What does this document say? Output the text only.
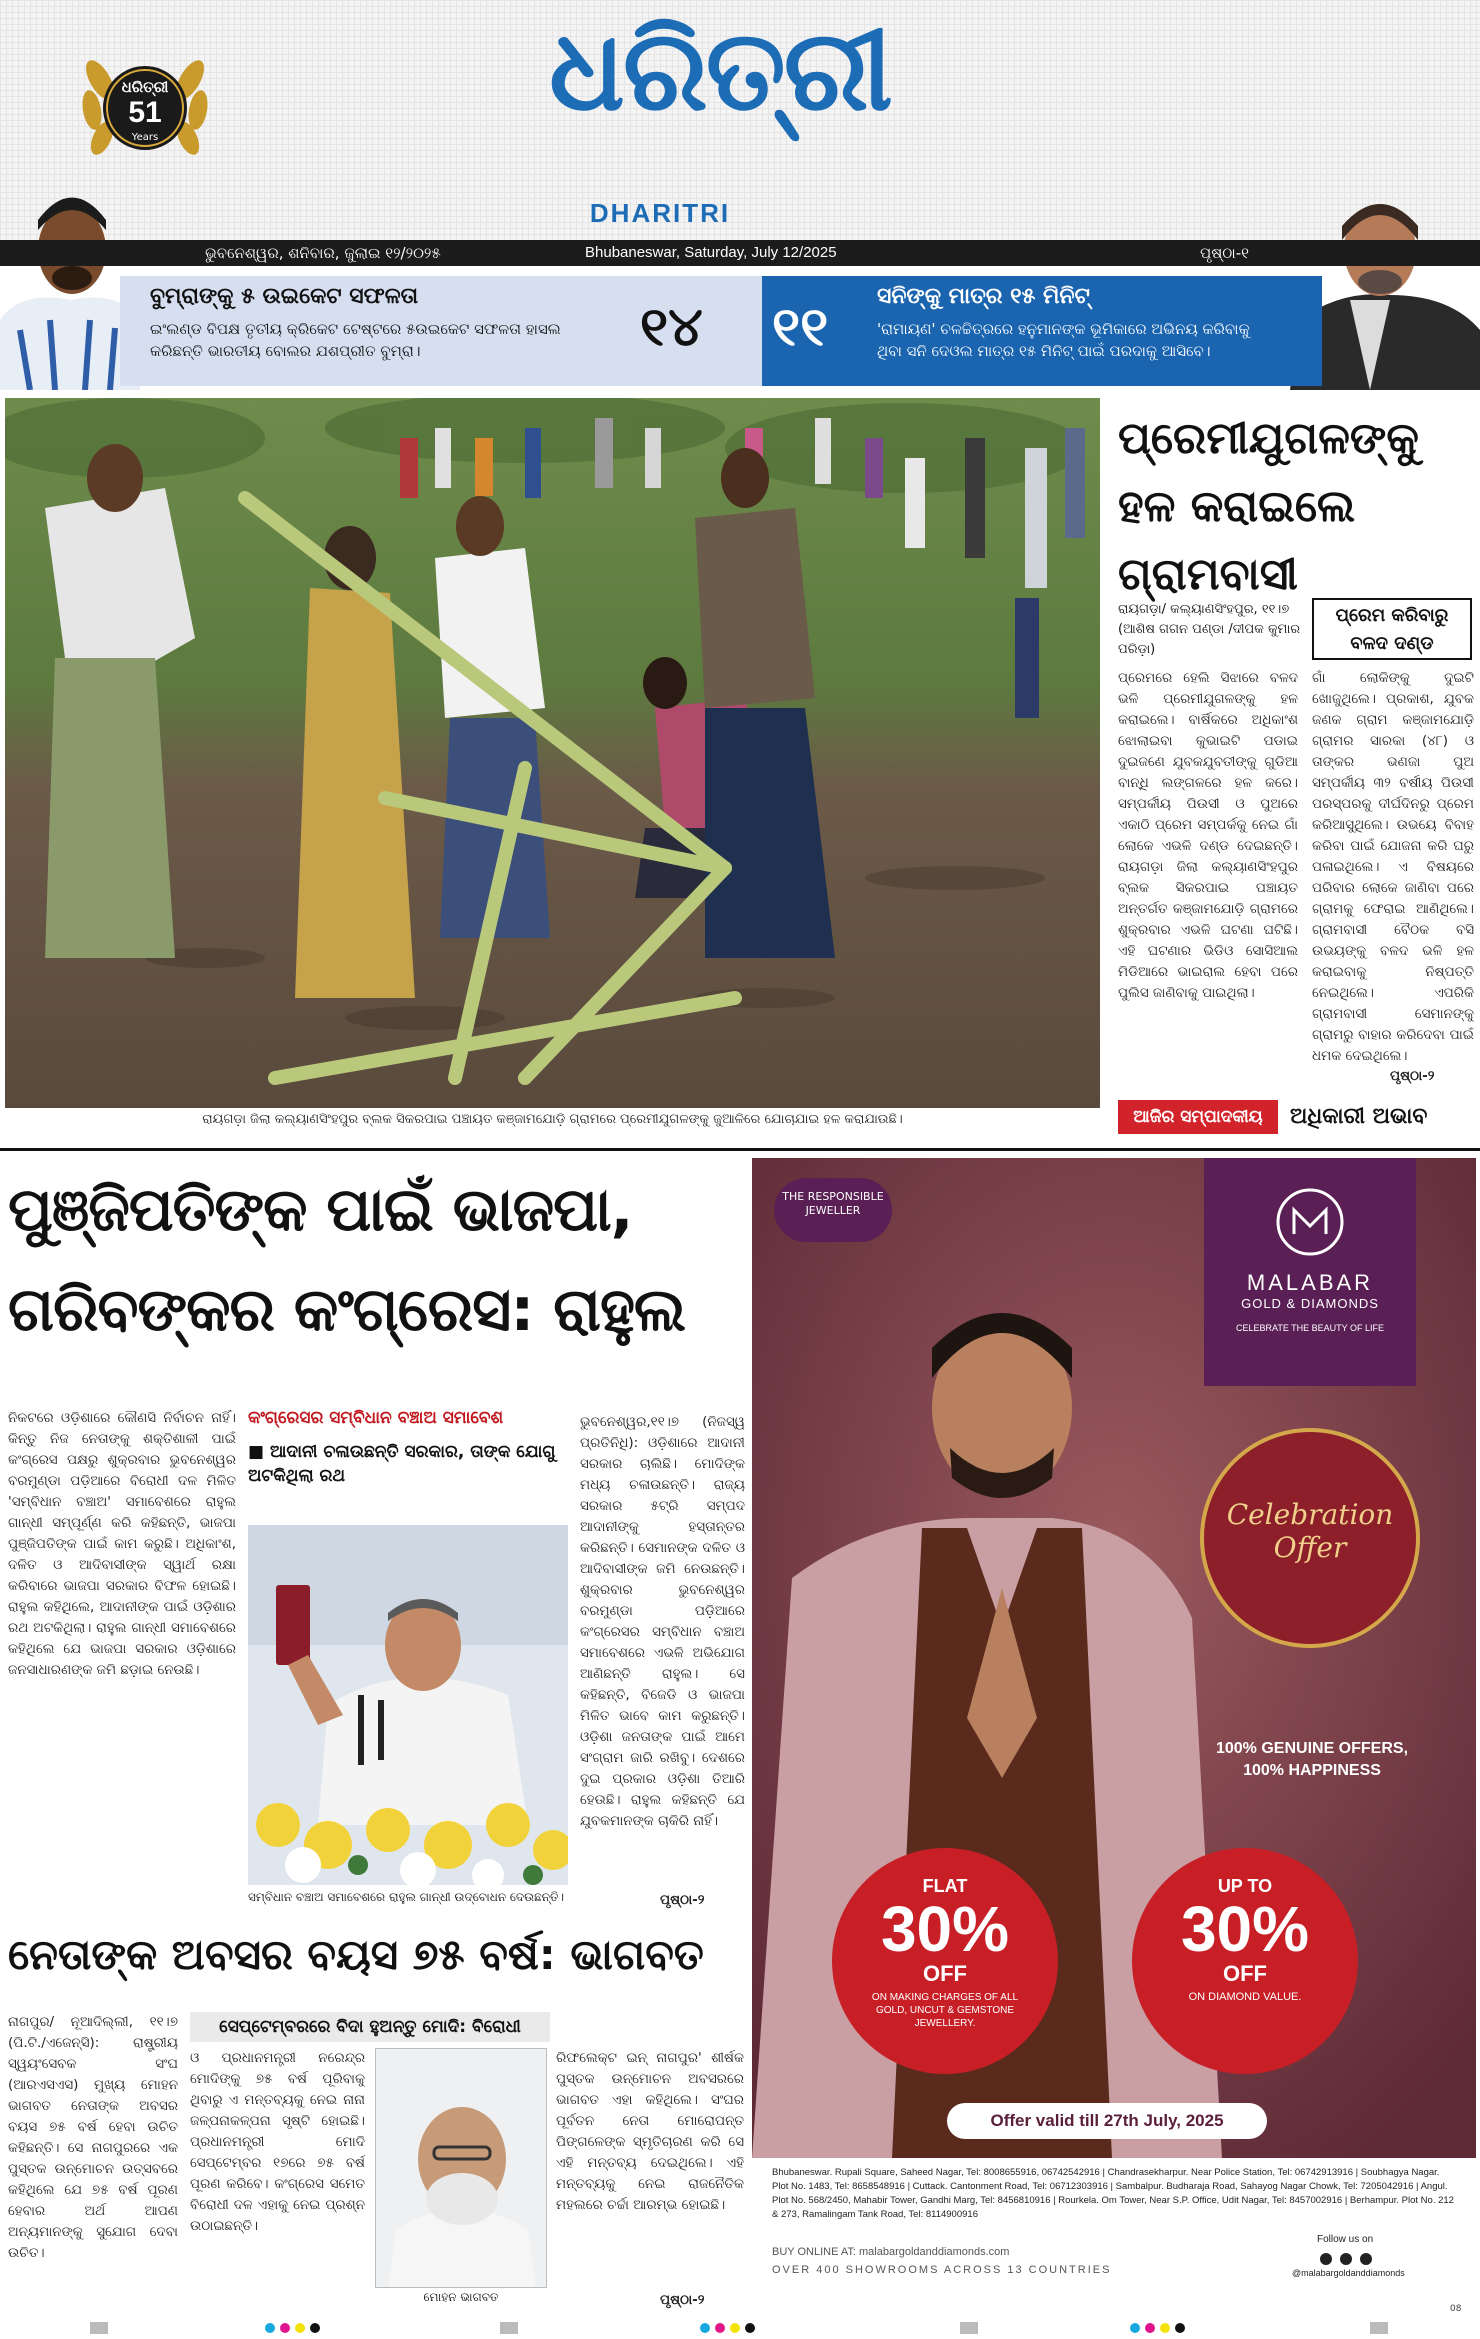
ଧରିତ୍ରୀ
51
Years
ଧରିତ୍ରୀ
DHARITRI
ଭୁବନେଶ୍ୱର, ଶନିବାର, ଜୁଲାଇ ୧୨/୨୦୨୫	Bhubaneswar, Saturday, July 12/2025	ପୃଷ୍ଠା-୧
ବୁମ୍ରାଙ୍କୁ ୫ ଉଇକେଟ ସଫଳତା
ଇଂଲଣ୍ଡ ବିପକ୍ଷ ତୃତୀୟ କ୍ରିକେଟ ଟେଷ୍ଟରେ ୫ଉଇକେଟ ସଫଳତା ହାସଲ କରିଛନ୍ତି ଭାରତୀୟ ବୋଲର ଯଶପ୍ରୀତ ବୁମ୍ରା।	୧୪ ୧୧ ସନିଙ୍କୁ ମାତ୍ର ୧୫ ମିନିଟ୍
'ରାମାୟଣ' ଚଳଚ୍ଚିତ୍ରରେ ହନୁମାନଙ୍କ ଭୂମିକାରେ ଅଭିନୟ କରିବାକୁ ଥିବା ସନି ଦେଓଲ ମାତ୍ର ୧୫ ମିନିଟ୍ ପାଇଁ ପରଦାକୁ ଆସିବେ।
ରାୟଗଡ଼ା ଜିଲା କଲ୍ୟାଣସିଂହପୁର ବ୍ଲକ ସିକରପାଇ ପଞ୍ଚାୟତ କଞ୍ଜାମଯୋଡ଼ି ଗ୍ରାମରେ ପ୍ରେମୀଯୁଗଳଙ୍କୁ ଜୁଆଳିରେ ଯୋଚାଯାଇ ହଳ କରାଯାଉଛି।
ପ୍ରେମୀଯୁଗଳଙ୍କୁ ହଳ କରାଇଲେ ଗ୍ରାମବାସୀ
ରାୟଗଡ଼ା/ କଲ୍ୟାଣସିଂହପୁର, ୧୧।୭ (ଆଶିଷ ଗଗନ ପଣ୍ଡା /ଦୀପକ କୁମାର ପରିଡ଼ା)
ପ୍ରେମ କରିବାରୁ ବଳଦ ଦଣ୍ଡ
ପ୍ରେମରେ ହେଲି ସିଝାରେ ବଳଦ ଭଳି ପ୍ରେମୀଯୁଗଳଙ୍କୁ ହଳ କରାଇଲେ। ବାର୍ଷିକରେ ଅଧିକାଂଶ ଝୋଲାଇବା କୁଭାଇଟି ପଡାଇ ଦୁଇଜଣେ ଯୁବକଯୁବତୀଙ୍କୁ ଗୁଡିଆ ବାନ୍ଧି ଲଙ୍ଗଳରେ ହଳ କରେ। ସମ୍ପର୍କୀୟ ପିଉସୀ ଓ ପୁଅରେ ଏକାଠି ପ୍ରେମ ସମ୍ପର୍କକୁ ନେଇ ଗାଁ ଲୋକେ ଏଭଳି ଦଣ୍ଡ ଦେଇଛନ୍ତି। ରାୟଗଡ଼ା ଜିଲା କଲ୍ୟାଣସିଂହପୁର ବ୍ଲକ ସିକରପାଇ ପଞ୍ଚାୟତ ଅନ୍ତର୍ଗତ କଞ୍ଜାମଯୋଡ଼ି ଗ୍ରାମରେ ଶୁକ୍ରବାର ଏଭଳି ଘଟଣା ଘଟିଛି। ଏହି ଘଟଣାର ଭିଡିଓ ସୋସିଆଲ ମିଡିଆରେ ଭାଇରାଲ ହେବା ପରେ ପୁଲିସ ଜାଣିବାକୁ ପାଇଥିଲା।
ଗାଁ ଲୋକିଙ୍କୁ ଦୁଇଟି ଖୋଜୁଥିଲେ। ପ୍ରକାଶ, ଯୁବକ ଜଣକ ଗ୍ରାମ କଞ୍ଜାମଯୋଡ଼ି ଗ୍ରାମର ସାରକା (୪୮) ଓ ତାଙ୍କର ଭଣଜା ପୁଅ ସମ୍ପର୍କୀୟ ୩୨ ବର୍ଷୀୟ ପିଉସୀ ପରସ୍ପରକୁ ଦୀର୍ଘଦିନରୁ ପ୍ରେମ କରିଆସୁଥିଲେ। ଉଭୟେ ବିବାହ କରିବା ପାଇଁ ଯୋଜନା କରି ଘରୁ ପଳାଇଥିଲେ। ଏ ବିଷୟରେ ପରିବାର ଲୋକେ ଜାଣିବା ପରେ ଗ୍ରାମକୁ ଫେରାଇ ଆଣିଥିଲେ। ଗ୍ରାମବାସୀ ବୈଠକ ବସି ଉଭୟଙ୍କୁ ବଳଦ ଭଳି ହଳ କରାଇବାକୁ ନିଷ୍ପତ୍ତି ନେଇଥିଲେ। ଏପରିକି ଗ୍ରାମବାସୀ ସେମାନଙ୍କୁ ଗ୍ରାମରୁ ବାହାର କରିଦେବା ପାଇଁ ଧମକ ଦେଇଥିଲେ।
ପୃଷ୍ଠା-୨
ଆଜିର ସମ୍ପାଦକୀୟ	ଅଧିକାରୀ ଅଭାବ
ପୁଞ୍ଜିପତିଙ୍କ ପାଇଁ ଭାଜପା,
ଗରିବଙ୍କର କଂଗ୍ରେସ: ରାହୁଲ
ନିକଟରେ ଓଡ଼ିଶାରେ କୌଣସି ନିର୍ବାଚନ ନାହିଁ। କିନ୍ତୁ ନିଜ ନେତାଙ୍କୁ ଶକ୍ତିଶାଳୀ ପାଇଁ କଂଗ୍ରେସ ପକ୍ଷରୁ ଶୁକ୍ରବାର ଭୁବନେଶ୍ୱର ବରମୁଣ୍ଡା ପଡ଼ିଆରେ ବିରୋଧୀ ଦଳ ମିଳିତ 'ସମ୍ବିଧାନ ବଞ୍ଚାଅ' ସମାବେଶରେ ରାହୁଲ ଗାନ୍ଧୀ ସମ୍ପୂର୍ଣ୍ଣ କରି କହିଛନ୍ତି, ଭାଜପା ପୁଞ୍ଜିପତିଙ୍କ ପାଇଁ କାମ କରୁଛି। ଅଧିକାଂଶ, ଦଳିତ ଓ ଆଦିବାସୀଙ୍କ ସ୍ୱାର୍ଥ ରକ୍ଷା କରିବାରେ ଭାଜପା ସରକାର ବିଫଳ ହୋଇଛି। ରାହୁଲ କହିଥିଲେ, ଆଦାନୀଙ୍କ ପାଇଁ ଓଡ଼ିଶାର ରଥ ଅଟକିଥିଲା। ରାହୁଲ ଗାନ୍ଧୀ ସମାବେଶରେ କହିଥିଲେ ଯେ ଭାଜପା ସରକାର ଓଡ଼ିଶାରେ ଜନସାଧାରଣଙ୍କ ଜମି ଛଡ଼ାଇ ନେଉଛି।
କଂଗ୍ରେସର ସମ୍ବିଧାନ ବଞ୍ଚାଅ ସମାବେଶ
■ ଆଦାନୀ ଚଳାଉଛନ୍ତି ସରକାର, ତାଙ୍କ ଯୋଗୁ ଅଟକିଥିଲା ରଥ
ସମ୍ବିଧାନ ବଞ୍ଚାଅ ସମାବେଶରେ ରାହୁଲ ଗାନ୍ଧୀ ଉଦ୍‌ବୋଧନ ଦେଉଛନ୍ତି।
ଭୁବନେଶ୍ୱର,୧୧।୭ (ନିଜସ୍ୱ ପ୍ରତିନିଧି): ଓଡ଼ିଶାରେ ଆଦାନୀ ସରକାର ଚାଲିଛି। ମୋଦିଙ୍କ ମଧ୍ୟ ଚଳାଉଛନ୍ତି। ରାଜ୍ୟ ସରକାର ୫ଟ୍ରି ସମ୍ପଦ ଆଦାନୀଙ୍କୁ ହସ୍ତାନ୍ତର କରିଛନ୍ତି। ସେମାନଙ୍କ ଦଳିତ ଓ ଆଦିବାସୀଙ୍କ ଜମି ନେଉଛନ୍ତି। ଶୁକ୍ରବାର ଭୁବନେଶ୍ୱର ବରମୁଣ୍ଡା ପଡ଼ିଆରେ କଂଗ୍ରେସର ସମ୍ବିଧାନ ବଞ୍ଚାଅ ସମାବେଶରେ ଏଭଳି ଅଭିଯୋଗ ଆଣିଛନ୍ତି ରାହୁଲ। ସେ କହିଛନ୍ତି, ବିଜେଡି ଓ ଭାଜପା ମିଳିତ ଭାବେ କାମ କରୁଛନ୍ତି। ଓଡ଼ିଶା ଜନତାଙ୍କ ପାଇଁ ଆମେ ସଂଗ୍ରାମ ଜାରି ରଖିବୁ। ଦେଶରେ ଦୁଇ ପ୍ରକାର ଓଡ଼ିଶା ତିଆରି ହେଉଛି। ରାହୁଲ କହିଛନ୍ତି ଯେ ଯୁବକମାନଙ୍କ ଚାକିରି ନାହିଁ।
ପୃଷ୍ଠା-୨
ନେତାଙ୍କ ଅବସର ବୟସ ୭୫ ବର୍ଷ: ଭାଗବତ
ସେପ୍ଟେମ୍ବରରେ ବିଦା ହୁଅନ୍ତୁ ମୋଦି: ବିରୋଧୀ
ନାଗପୁର/ ନୂଆଦିଲ୍ଲୀ, ୧୧।୭ (ପି.ଟି./ଏଜେନ୍ସି): ରାଷ୍ଟ୍ରୀୟ ସ୍ୱୟଂସେବକ ସଂଘ (ଆରଏସଏସ) ମୁଖ୍ୟ ମୋହନ ଭାଗବତ ନେତାଙ୍କ ଅବସର ବୟସ ୭୫ ବର୍ଷ ହେବା ଉଚିତ କହିଛନ୍ତି। ସେ ନାଗପୁରରେ ଏକ ପୁସ୍ତକ ଉନ୍ମୋଚନ ଉତ୍ସବରେ କହିଥିଲେ ଯେ ୭୫ ବର୍ଷ ପୂରଣ ହେବାର ଅର୍ଥ ଆପଣ ଅନ୍ୟମାନଙ୍କୁ ସୁଯୋଗ ଦେବା ଉଚିତ।
ଓ ପ୍ରଧାନମନ୍ତ୍ରୀ ନରେନ୍ଦ୍ର ମୋଦିଙ୍କୁ ୭୫ ବର୍ଷ ପୂରିବାକୁ ଥିବାରୁ ଏ ମନ୍ତବ୍ୟକୁ ନେଇ ନାନା ଜଳ୍ପନାକଳ୍ପନା ସୃଷ୍ଟି ହୋଇଛି। ପ୍ରଧାନମନ୍ତ୍ରୀ ମୋଦି ସେପ୍ଟେମ୍ବର ୧୭ରେ ୭୫ ବର୍ଷ ପୂରଣ କରିବେ। କଂଗ୍ରେସ ସମେତ ବିରୋଧୀ ଦଳ ଏହାକୁ ନେଇ ପ୍ରଶ୍ନ ଉଠାଇଛନ୍ତି।
ମୋହନ ଭାଗବତ
ରିଫଲେକ୍ଟ ଇନ୍ ନାଗପୁର' ଶୀର୍ଷକ ପୁସ୍ତକ ଉନ୍ମୋଚନ ଅବସରରେ ଭାଗବତ ଏହା କହିଥିଲେ। ସଂଘର ପୂର୍ବତନ ନେତା ମୋରୋପନ୍ତ ପିଙ୍ଗଳେଙ୍କ ସ୍ମୃତିଚାରଣ କରି ସେ ଏହି ମନ୍ତବ୍ୟ ଦେଇଥିଲେ। ଏହି ମନ୍ତବ୍ୟକୁ ନେଇ ରାଜନୈତିକ ମହଲରେ ଚର୍ଚ୍ଚା ଆରମ୍ଭ ହୋଇଛି।
ପୃଷ୍ଠା-୨
THE RESPONSIBLE JEWELLER
MALABAR
GOLD & DIAMONDS
CELEBRATE THE BEAUTY OF LIFE
Celebration
Offer
100% GENUINE OFFERS,
100% HAPPINESS
FLAT
30%
OFF
ON MAKING CHARGES OF ALL GOLD, UNCUT & GEMSTONE JEWELLERY.
UP TO
30%
OFF
ON DIAMOND VALUE.
Offer valid till 27th July, 2025
Bhubaneswar. Rupali Square, Saheed Nagar, Tel: 8008655916, 06742542916 | Chandrasekharpur. Near Police Station, Tel: 06742913916 | Soubhagya Nagar. Plot No. 1483, Tel: 8658548916 | Cuttack. Cantonment Road, Tel: 06712303916 | Sambalpur. Budharaja Road, Sahayog Nagar Chowk, Tel: 7205042916 | Angul. Plot No. 568/2450, Mahabir Tower, Gandhi Marg, Tel: 8456810916 | Rourkela. Om Tower, Near S.P. Office, Udit Nagar, Tel: 8457002916 | Berhampur. Plot No. 212 & 273, Ramalingam Tank Road, Tel: 8114900916
BUY ONLINE AT: malabargoldanddiamonds.com
OVER 400 SHOWROOMS ACROSS 13 COUNTRIES
Follow us on

@malabargoldanddiamonds
08
